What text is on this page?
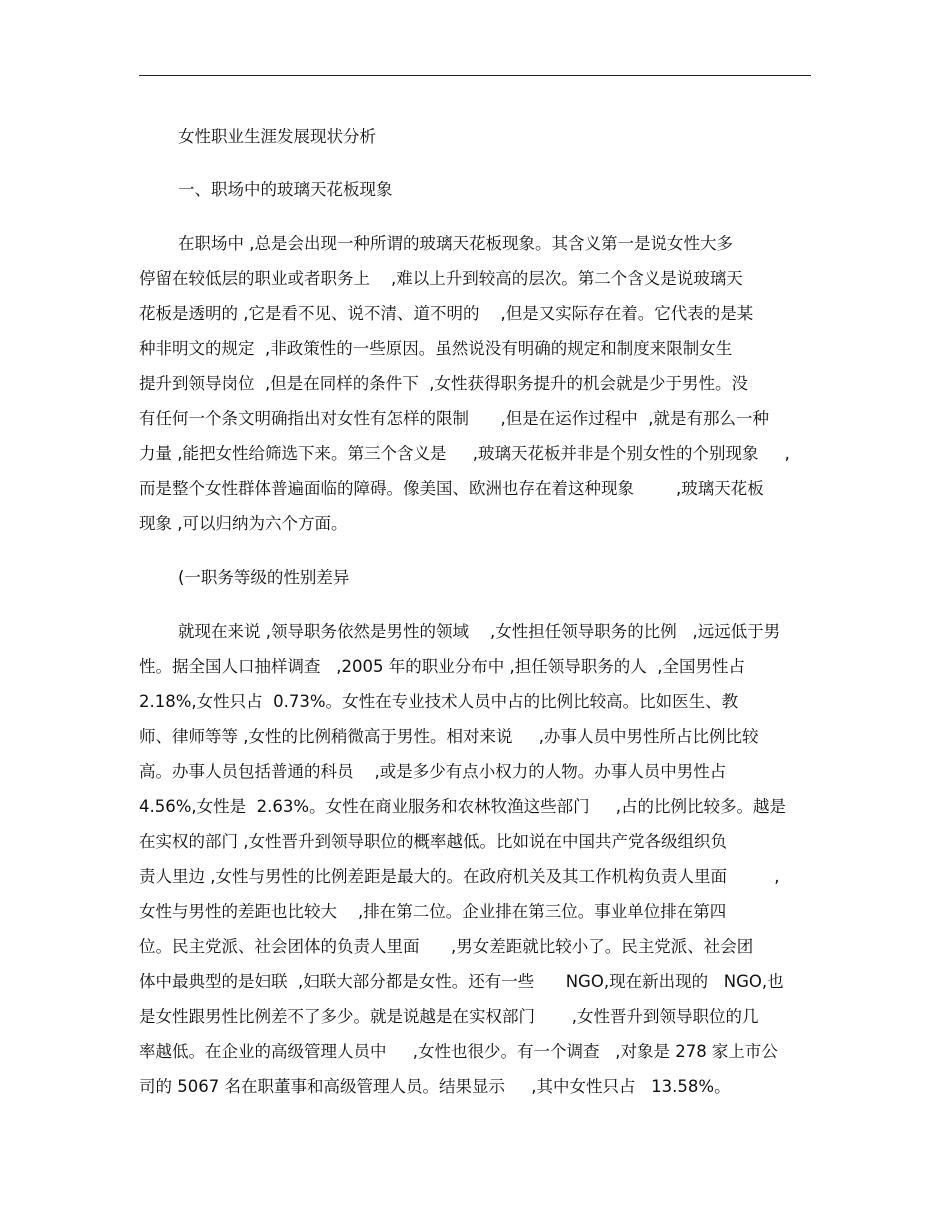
女性职业生涯发展现状分析
一、职场中的玻璃天花板现象
在职场中 ,总是会出现一种所谓的玻璃天花板现象。其含义第一是说女性大多
停留在较低层的职业或者职务上    ,难以上升到较高的层次。第二个含义是说玻璃天
花板是透明的 ,它是看不见、说不清、道不明的    ,但是又实际存在着。它代表的是某
种非明文的规定  ,非政策性的一些原因。虽然说没有明确的规定和制度来限制女生
提升到领导岗位  ,但是在同样的条件下  ,女性获得职务提升的机会就是少于男性。没
有任何一个条文明确指出对女性有怎样的限制      ,但是在运作过程中  ,就是有那么一种
力量 ,能把女性给筛选下来。第三个含义是     ,玻璃天花板并非是个别女性的个别现象     ,
而是整个女性群体普遍面临的障碍。像美国、欧洲也存在着这种现象        ,玻璃天花板
现象 ,可以归纳为六个方面。
(一职务等级的性别差异
就现在来说 ,领导职务依然是男性的领域    ,女性担任领导职务的比例   ,远远低于男
性。据全国人口抽样调查   ,2005 年的职业分布中 ,担任领导职务的人  ,全国男性占
2.18%,女性只占  0.73%。女性在专业技术人员中占的比例比较高。比如医生、教
师、律师等等 ,女性的比例稍微高于男性。相对来说     ,办事人员中男性所占比例比较
高。办事人员包括普通的科员    ,或是多少有点小权力的人物。办事人员中男性占
4.56%,女性是  2.63%。女性在商业服务和农林牧渔这些部门     ,占的比例比较多。越是
在实权的部门 ,女性晋升到领导职位的概率越低。比如说在中国共产党各级组织负
责人里边 ,女性与男性的比例差距是最大的。在政府机关及其工作机构负责人里面         ,
女性与男性的差距也比较大    ,排在第二位。企业排在第三位。事业单位排在第四
位。民主党派、社会团体的负责人里面      ,男女差距就比较小了。民主党派、社会团
体中最典型的是妇联  ,妇联大部分都是女性。还有一些      NGO,现在新出现的   NGO,也
是女性跟男性比例差不了多少。就是说越是在实权部门       ,女性晋升到领导职位的几
率越低。在企业的高级管理人员中     ,女性也很少。有一个调查   ,对象是 278 家上市公
司的 5067 名在职董事和高级管理人员。结果显示     ,其中女性只占   13.58%。
